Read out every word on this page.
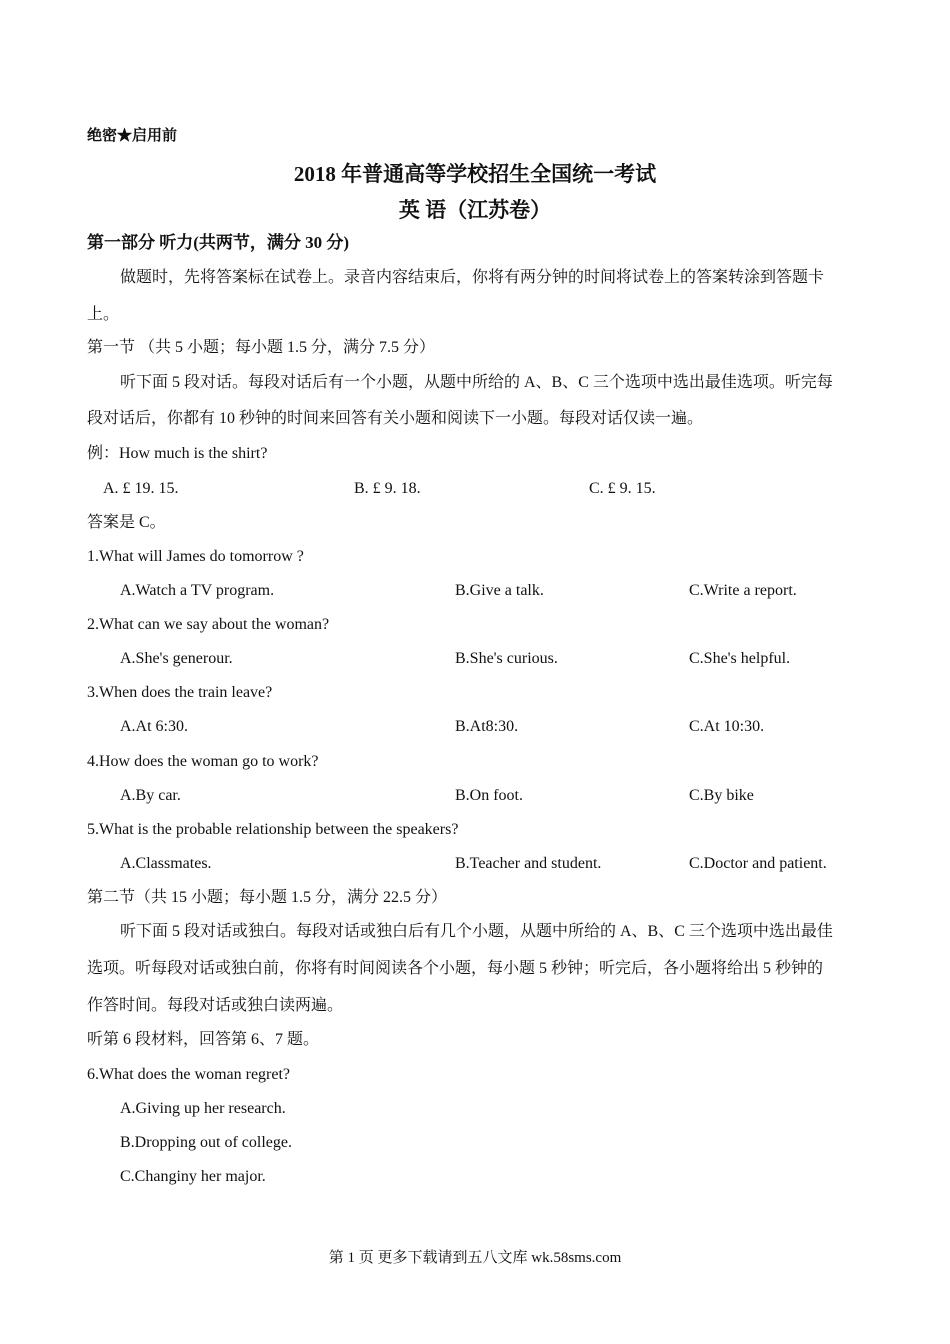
绝密★启用前
2018 年普通高等学校招生全国统一考试
英 语（江苏卷）
第一部分 听力(共两节，满分 30 分)
做题时，先将答案标在试卷上。录音内容结束后，你将有两分钟的时间将试卷上的答案转涂到答题卡
上。
第一节 （共 5 小题；每小题 1.5 分，满分 7.5 分）
听下面 5 段对话。每段对话后有一个小题，从题中所给的 A、B、C 三个选项中选出最佳选项。听完每
段对话后，你都有 10 秒钟的时间来回答有关小题和阅读下一小题。每段对话仅读一遍。
例：How much is the shirt?
A. £ 19. 15.	B. £ 9. 18.	C. £ 9. 15.
答案是 C。
1.What will James do tomorrow ?
A.Watch a TV program.	B.Give a talk.	C.Write a report.
2.What can we say about the woman?
A.She's generour.	B.She's curious.	C.She's helpful.
3.When does the train leave?
A.At 6:30.	B.At8:30.	C.At 10:30.
4.How does the woman go to work?
A.By car.	B.On foot.	C.By bike
5.What is the probable relationship between the speakers?
A.Classmates.	B.Teacher and student.	C.Doctor and patient.
第二节（共 15 小题；每小题 1.5 分，满分 22.5 分）
听下面 5 段对话或独白。每段对话或独白后有几个小题，从题中所给的 A、B、C 三个选项中选出最佳
选项。听每段对话或独白前，你将有时间阅读各个小题，每小题 5 秒钟；听完后，各小题将给出 5 秒钟的
作答时间。每段对话或独白读两遍。
听第 6 段材料，回答第 6、7 题。
6.What does the woman regret?
A.Giving up her research.
B.Dropping out of college.
C.Changiny her major.
第 1 页 更多下载请到五八文库 wk.58sms.com
